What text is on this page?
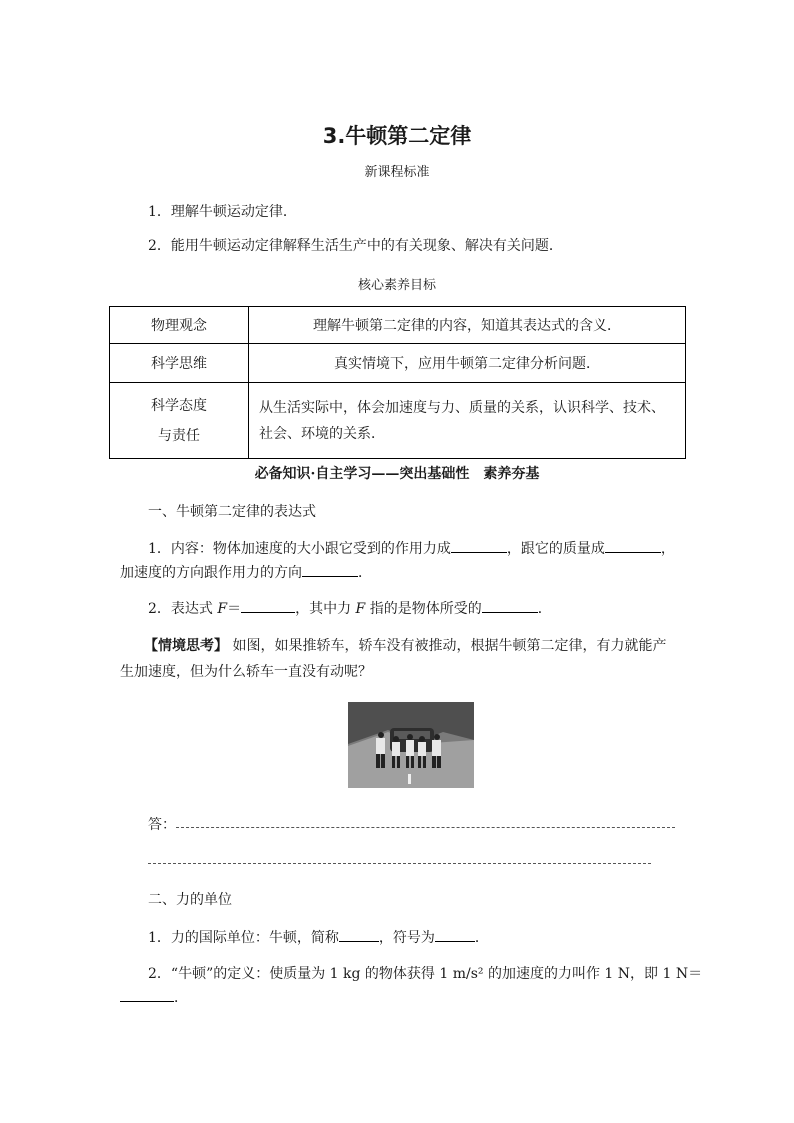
3.牛顿第二定律
新课程标准
1．理解牛顿运动定律．
2．能用牛顿运动定律解释生活生产中的有关现象、解决有关问题．
核心素养目标
物理观念	理解牛顿第二定律的内容，知道其表达式的含义．
科学思维	真实情境下，应用牛顿第二定律分析问题．

科学态度
与责任	从生活实际中，体会加速度与力、质量的关系，认识科学、技术、社会、环境的关系．
必备知识·自主学习——突出基础性　素养夯基
一、牛顿第二定律的表达式
1．内容：物体加速度的大小跟它受到的作用力成	，跟它的质量成	，
加速度的方向跟作用力的方向	．
2．表达式 F＝	，其中力 F 指的是物体所受的	．
【情境思考】 如图，如果推轿车，轿车没有被推动，根据牛顿第二定律，有力就能产
生加速度，但为什么轿车一直没有动呢？
答：
二、力的单位
1．力的国际单位：牛顿，简称	，符号为	．
2．“牛顿”的定义：使质量为 1 kg 的物体获得 1 m/s² 的加速度的力叫作 1 N，即 1 N＝
．
